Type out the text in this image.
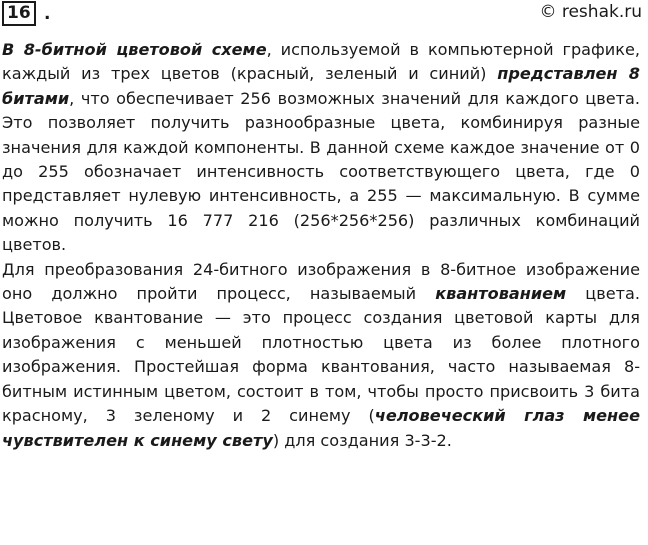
16 .	© reshak.ru

В 8-битной цветовой схеме, используемой в компьютерной графике, каждый из трех цветов (красный, зеленый и синий) представлен 8 битами, что обеспечивает 256 возможных значений для каждого цвета. Это позволяет получить разнообразные цвета, комбинируя разные значения для каждой компоненты. В данной схеме каждое значение от 0 до 255 обозначает интенсивность соответствующего цвета, где 0 представляет нулевую интенсивность, а 255 — максимальную. В сумме можно получить 16 777 216 (256*256*256) различных комбинаций цветов.

Для преобразования 24-битного изображения в 8-битное изображение оно должно пройти процесс, называемый квантованием цвета. Цветовое квантование — это процесс создания цветовой карты для изображения с меньшей плотностью цвета из более плотного изображения. Простейшая форма квантования, часто называемая 8-битным истинным цветом, состоит в том, чтобы просто присвоить 3 бита красному, 3 зеленому и 2 синему (человеческий глаз менее чувствителен к синему свету) для создания 3-3-2.
